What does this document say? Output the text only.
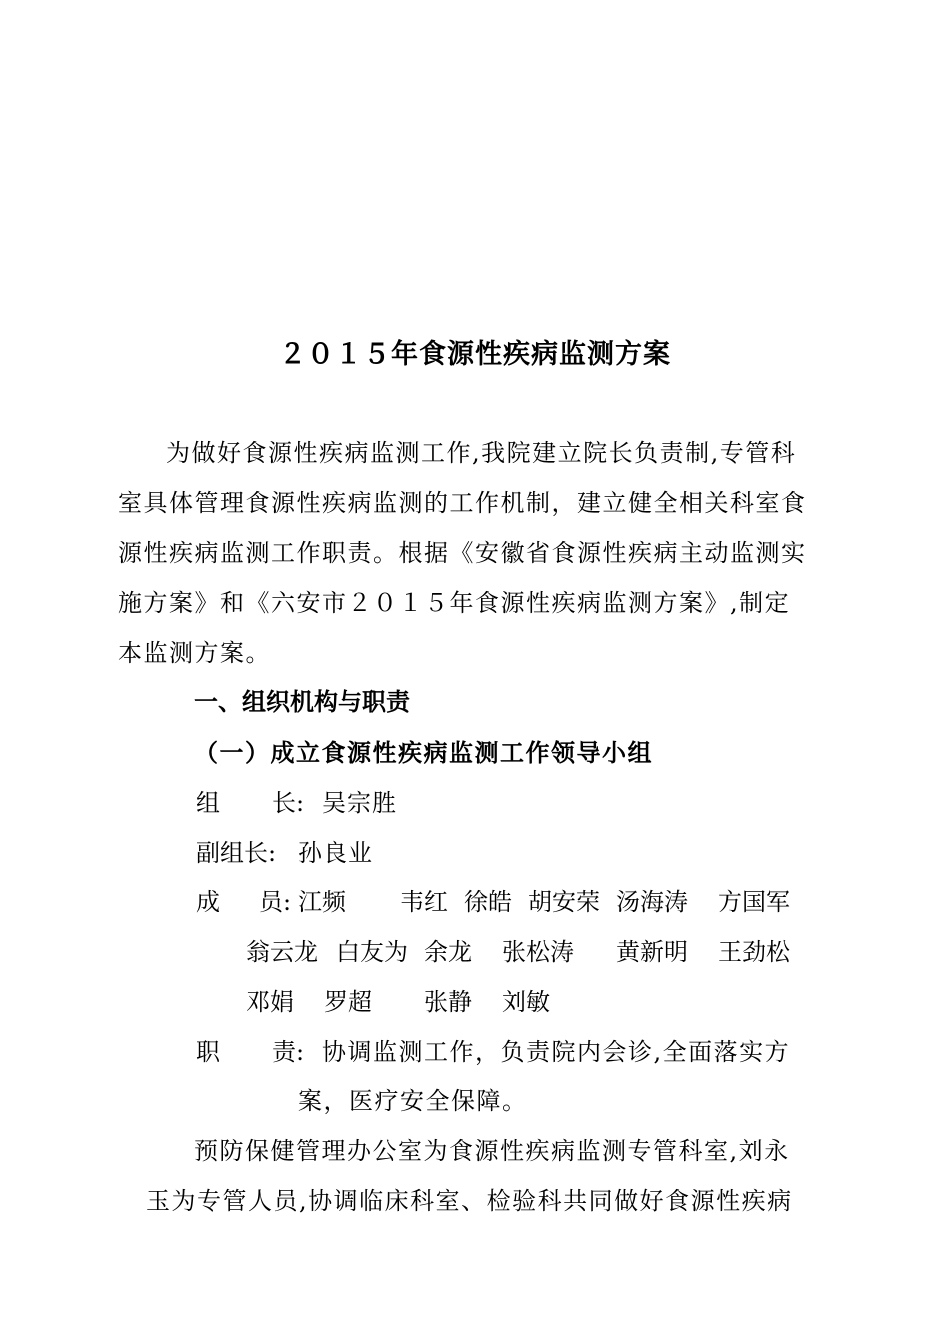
２０１５年食源性疾病监测方案
为做好食源性疾病监测工作,我院建立院长负责制,专管科
室具体管理食源性疾病监测的工作机制，建立健全相关科室食
源性疾病监测工作职责。根据《安徽省食源性疾病主动监测实
施方案》和《六安市２０１５年食源性疾病监测方案》,制定
本监测方案。
一、组织机构与职责
（一）成立食源性疾病监测工作领导小组
组 长: 吴宗胜
副组长: 孙良业
成 员: 江频 韦红 徐皓 胡安荣 汤海涛 方国军
翁云龙 白友为 余龙 张松涛 黄新明 王劲松
邓娟 罗超 张静 刘敏
职 责: 协调监测工作，负责院内会诊,全面落实方
案，医疗安全保障。
预防保健管理办公室为食源性疾病监测专管科室,刘永
玉为专管人员,协调临床科室、检验科共同做好食源性疾病
